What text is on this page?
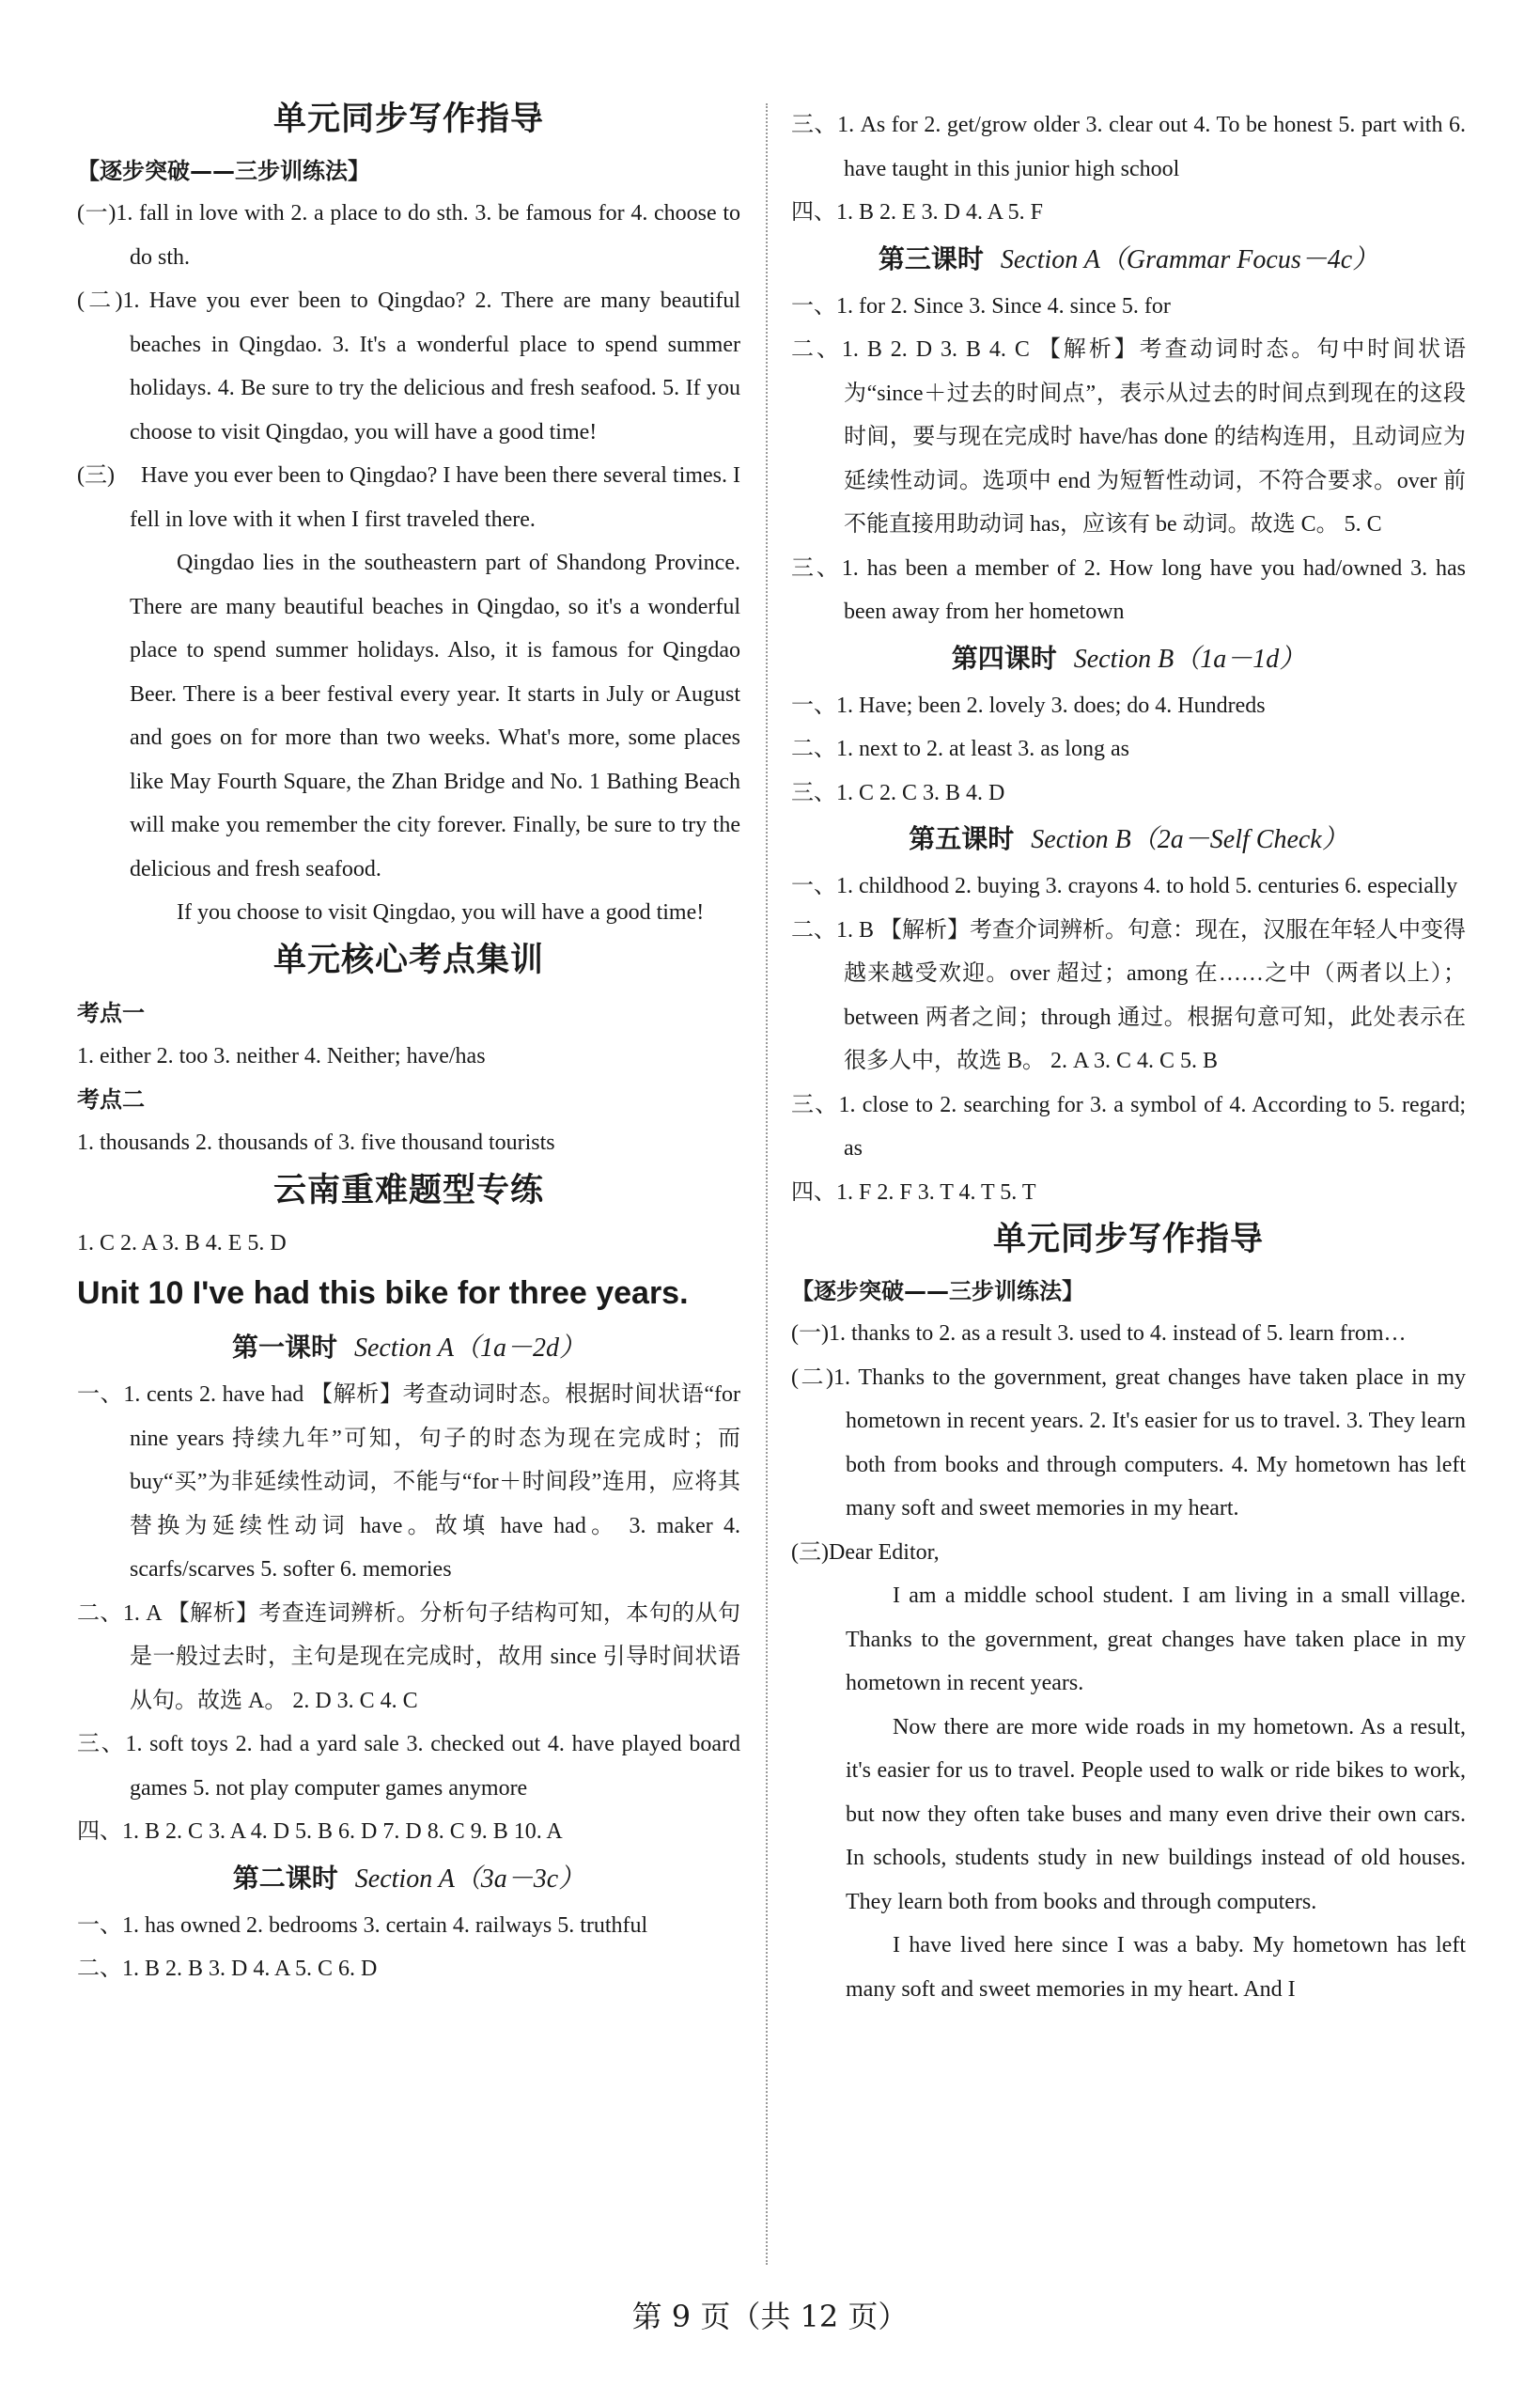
单元同步写作指导

【逐步突破——三步训练法】

(一)1. fall in love with 2. a place to do sth. 3. be famous for 4. choose to do sth.

(二)1. Have you ever been to Qingdao? 2. There are many beautiful beaches in Qingdao. 3. It's a wonderful place to spend summer holidays. 4. Be sure to try the delicious and fresh seafood. 5. If you choose to visit Qingdao, you will have a good time!

(三) Have you ever been to Qingdao? I have been there several times. I fell in love with it when I first traveled there.

Qingdao lies in the southeastern part of Shandong Province. There are many beautiful beaches in Qingdao, so it's a wonderful place to spend summer holidays. Also, it is famous for Qingdao Beer. There is a beer festival every year. It starts in July or August and goes on for more than two weeks. What's more, some places like May Fourth Square, the Zhan Bridge and No. 1 Bathing Beach will make you remember the city forever. Finally, be sure to try the delicious and fresh seafood.

If you choose to visit Qingdao, you will have a good time!

单元核心考点集训

考点一

1. either 2. too 3. neither 4. Neither; have/has

考点二

1. thousands 2. thousands of 3. five thousand tourists

云南重难题型专练

1. C 2. A 3. B 4. E 5. D

Unit 10 I've had this bike for three years.

第一课时 Section A（1a－2d）

一、1. cents 2. have had 【解析】考查动词时态。根据时间状语“for nine years 持续九年”可知，句子的时态为现在完成时；而 buy“买”为非延续性动词，不能与“for＋时间段”连用，应将其替换为延续性动词 have。故填 have had。 3. maker 4. scarfs/scarves 5. softer 6. memories

二、1. A 【解析】考查连词辨析。分析句子结构可知，本句的从句是一般过去时，主句是现在完成时，故用 since 引导时间状语从句。故选 A。 2. D 3. C 4. C

三、1. soft toys 2. had a yard sale 3. checked out 4. have played board games 5. not play computer games anymore

四、1. B 2. C 3. A 4. D 5. B 6. D 7. D 8. C 9. B 10. A

第二课时 Section A（3a－3c）

一、1. has owned 2. bedrooms 3. certain 4. railways 5. truthful

二、1. B 2. B 3. D 4. A 5. C 6. D

三、1. As for 2. get/grow older 3. clear out 4. To be honest 5. part with 6. have taught in this junior high school

四、1. B 2. E 3. D 4. A 5. F

第三课时 Section A（Grammar Focus－4c）

一、1. for 2. Since 3. Since 4. since 5. for

二、1. B 2. D 3. B 4. C 【解析】考查动词时态。句中时间状语为“since＋过去的时间点”，表示从过去的时间点到现在的这段时间，要与现在完成时 have/has done 的结构连用，且动词应为延续性动词。选项中 end 为短暂性动词，不符合要求。over 前不能直接用助动词 has，应该有 be 动词。故选 C。 5. C

三、1. has been a member of 2. How long have you had/owned 3. has been away from her hometown

第四课时 Section B（1a－1d）

一、1. Have; been 2. lovely 3. does; do 4. Hundreds

二、1. next to 2. at least 3. as long as

三、1. C 2. C 3. B 4. D

第五课时 Section B（2a－Self Check）

一、1. childhood 2. buying 3. crayons 4. to hold 5. centuries 6. especially

二、1. B 【解析】考查介词辨析。句意：现在，汉服在年轻人中变得越来越受欢迎。over 超过；among 在……之中（两者以上）；between 两者之间；through 通过。根据句意可知，此处表示在很多人中，故选 B。 2. A 3. C 4. C 5. B

三、1. close to 2. searching for 3. a symbol of 4. According to 5. regard; as

四、1. F 2. F 3. T 4. T 5. T

单元同步写作指导

【逐步突破——三步训练法】

(一)1. thanks to 2. as a result 3. used to 4. instead of 5. learn from…

(二)1. Thanks to the government, great changes have taken place in my hometown in recent years. 2. It's easier for us to travel. 3. They learn both from books and through computers. 4. My hometown has left many soft and sweet memories in my heart.

(三)Dear Editor,

I am a middle school student. I am living in a small village. Thanks to the government, great changes have taken place in my hometown in recent years.

Now there are more wide roads in my hometown. As a result, it's easier for us to travel. People used to walk or ride bikes to work, but now they often take buses and many even drive their own cars. In schools, students study in new buildings instead of old houses. They learn both from books and through computers.

I have lived here since I was a baby. My hometown has left many soft and sweet memories in my heart. And I

第 9 页（共 12 页）
